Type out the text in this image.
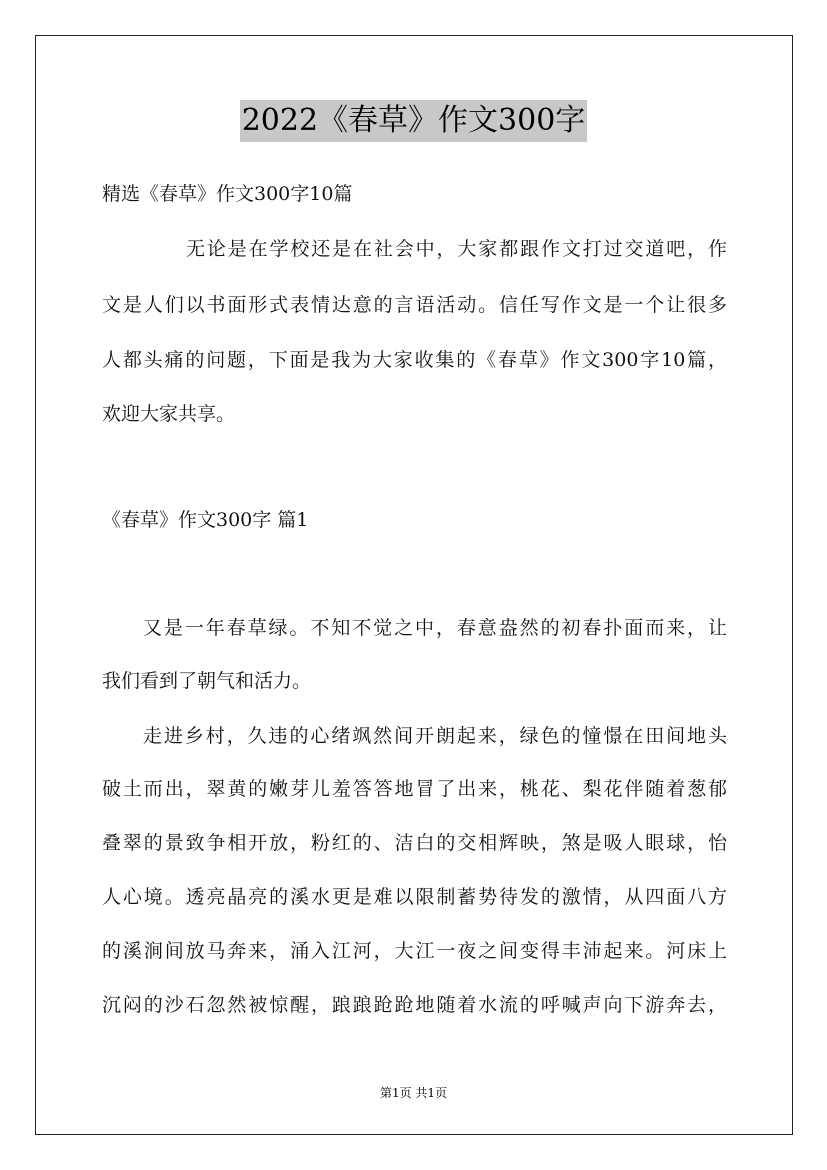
2022《春草》作文300字
精选《春草》作文300字10篇
无论是在学校还是在社会中，大家都跟作文打过交道吧，作
文是人们以书面形式表情达意的言语活动。信任写作文是一个让很多
人都头痛的问题，下面是我为大家收集的《春草》作文300字10篇，
欢迎大家共享。
《春草》作文300字 篇1
又是一年春草绿。不知不觉之中，春意盎然的初春扑面而来，让
我们看到了朝气和活力。
走进乡村，久违的心绪飒然间开朗起来，绿色的憧憬在田间地头
破土而出，翠黄的嫩芽儿羞答答地冒了出来，桃花、梨花伴随着葱郁
叠翠的景致争相开放，粉红的、洁白的交相辉映，煞是吸人眼球，怡
人心境。透亮晶亮的溪水更是难以限制蓄势待发的激情，从四面八方
的溪涧间放马奔来，涌入江河，大江一夜之间变得丰沛起来。河床上
沉闷的沙石忽然被惊醒，踉踉跄跄地随着水流的呼喊声向下游奔去，
第1页 共1页
